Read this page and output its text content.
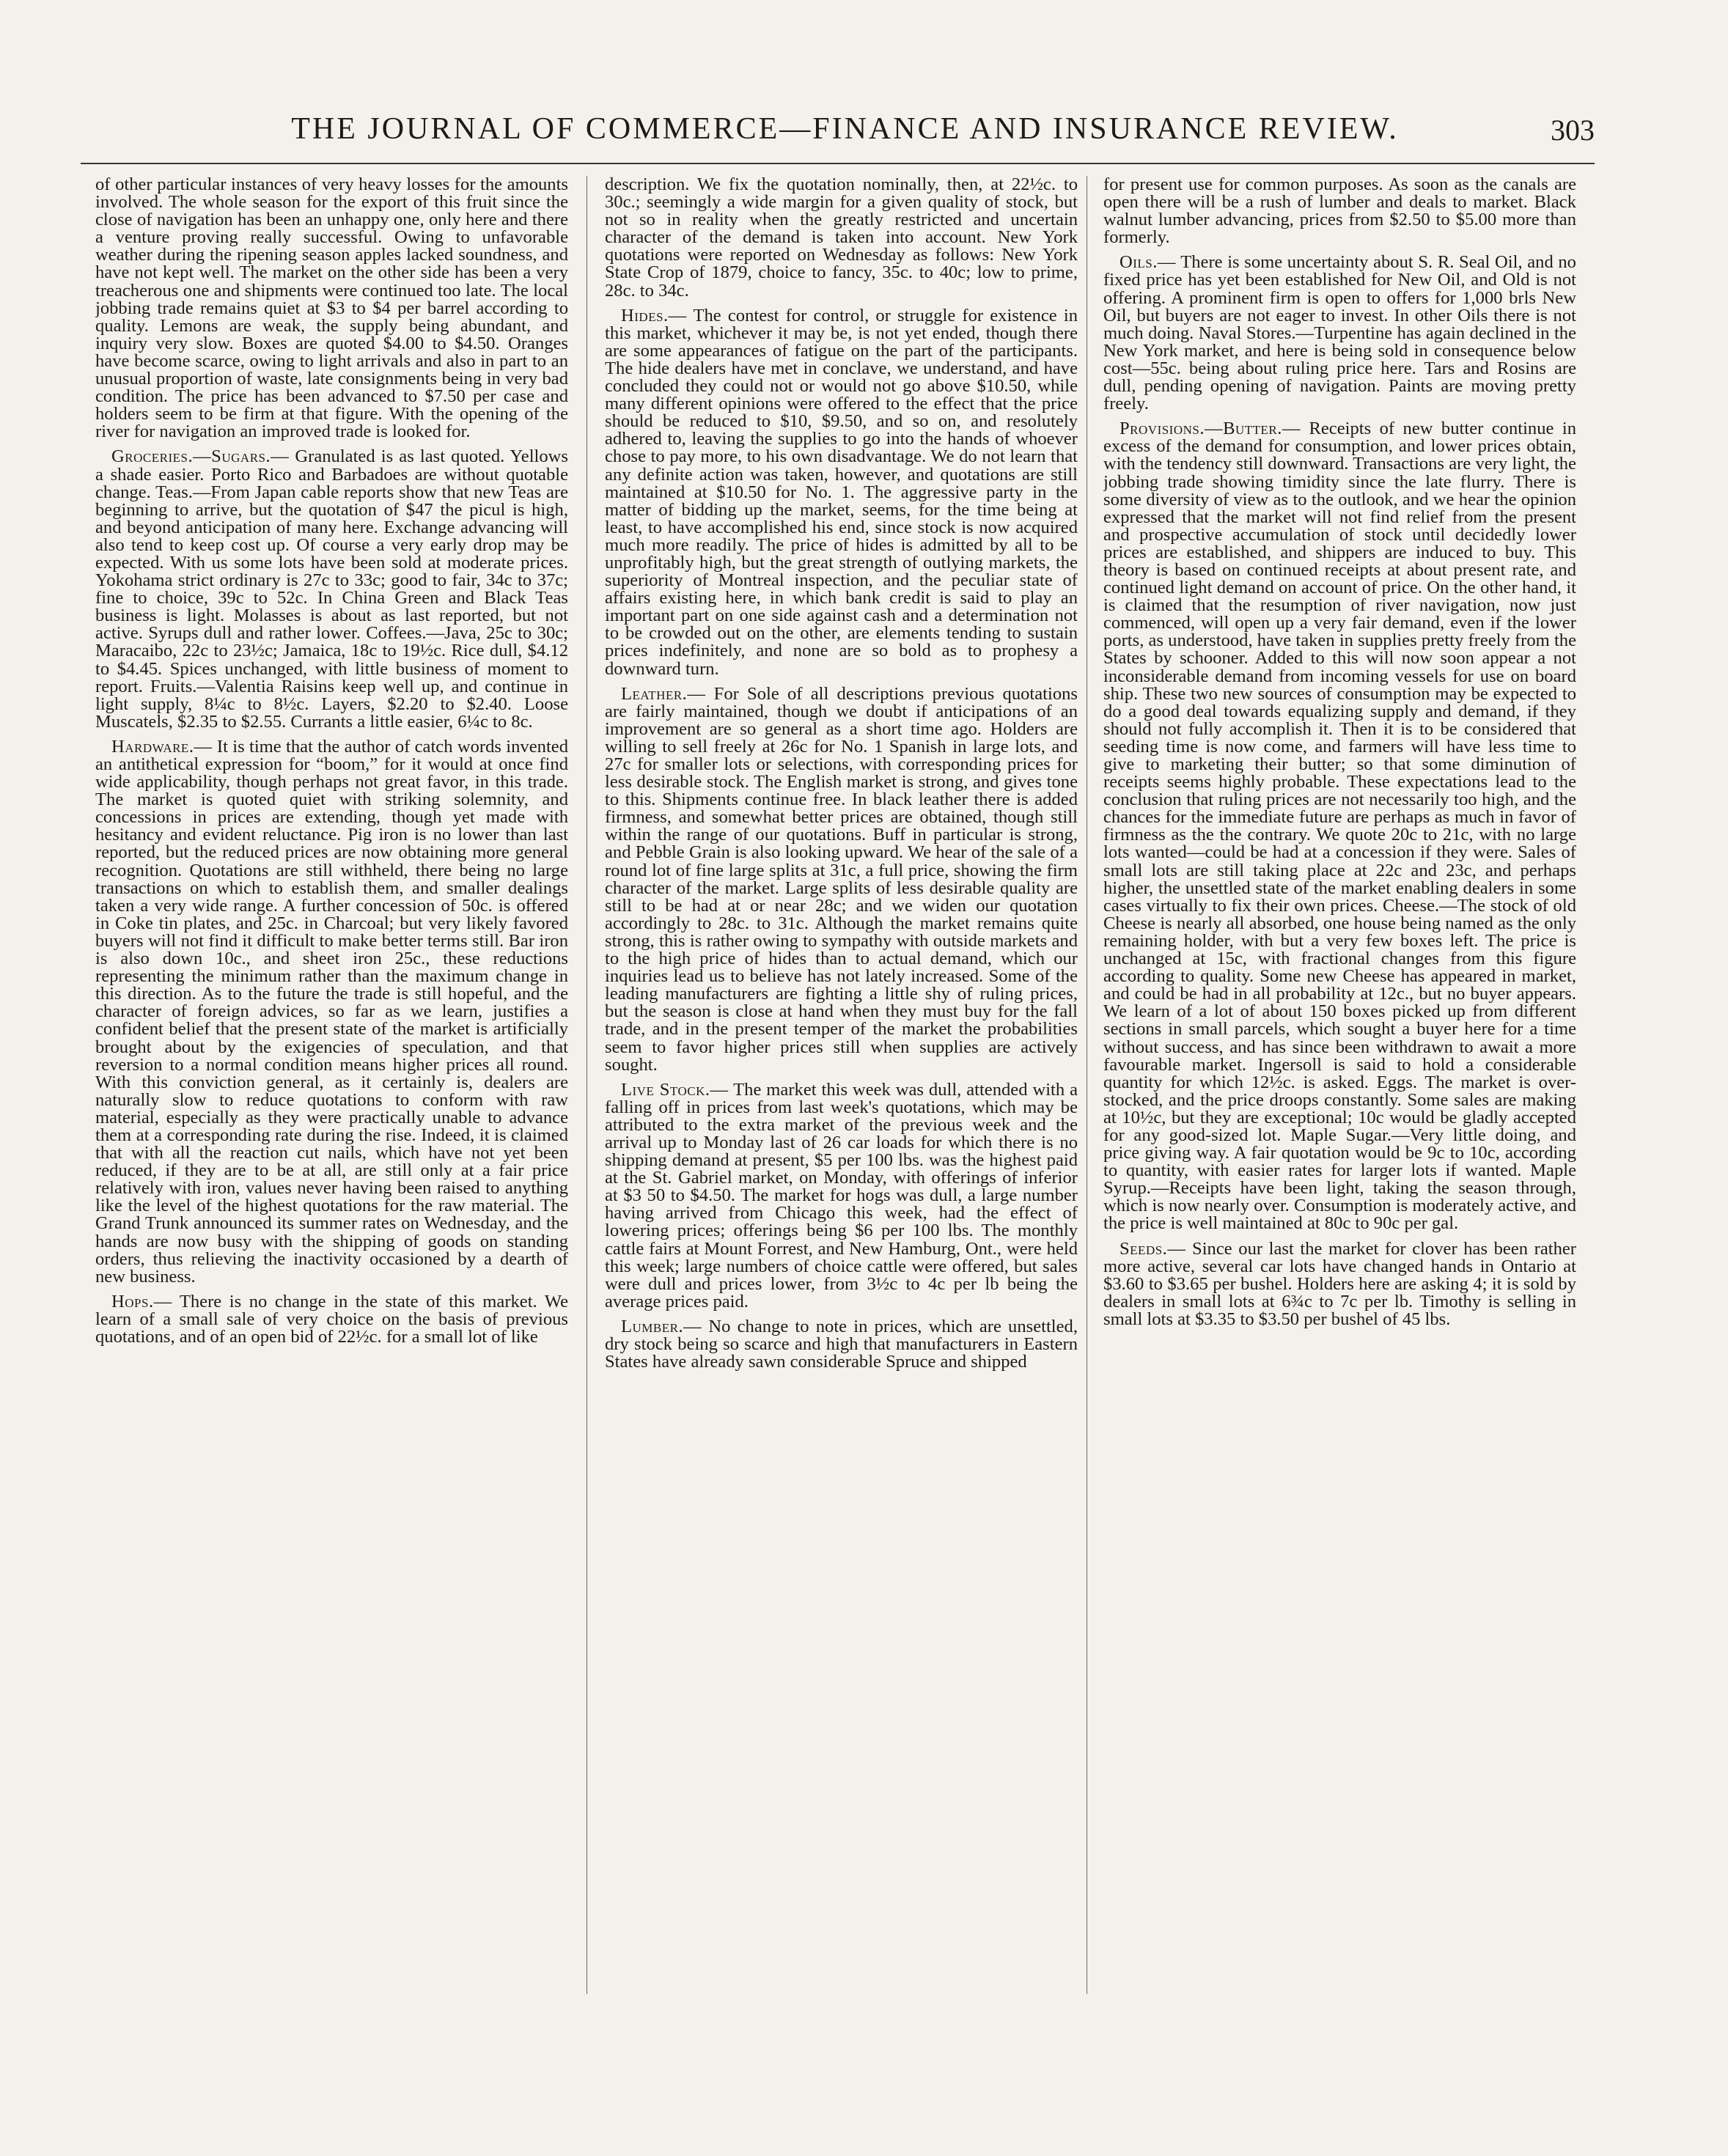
THE JOURNAL OF COMMERCE—FINANCE AND INSURANCE REVIEW.	303

of other particular instances of very heavy losses for the amounts involved. The whole season for the export of this fruit since the close of navigation has been an unhappy one, only here and there a venture proving really successful. Owing to unfavorable weather during the ripening season apples lacked soundness, and have not kept well. The market on the other side has been a very treacherous one and shipments were continued too late. The local jobbing trade remains quiet at $3 to $4 per barrel according to quality. Lemons are weak, the supply being abundant, and inquiry very slow. Boxes are quoted $4.00 to $4.50. Oranges have become scarce, owing to light arrivals and also in part to an unusual proportion of waste, late consignments being in very bad condition. The price has been advanced to $7.50 per case and holders seem to be firm at that figure. With the opening of the river for navigation an improved trade is looked for.

Groceries.—Sugars.— Granulated is as last quoted. Yellows a shade easier. Porto Rico and Barbadoes are without quotable change. Teas.—From Japan cable reports show that new Teas are beginning to arrive, but the quotation of $47 the picul is high, and beyond anticipation of many here. Exchange advancing will also tend to keep cost up. Of course a very early drop may be expected. With us some lots have been sold at moderate prices. Yokohama strict ordinary is 27c to 33c; good to fair, 34c to 37c; fine to choice, 39c to 52c. In China Green and Black Teas business is light. Molasses is about as last reported, but not active. Syrups dull and rather lower. Coffees.—Java, 25c to 30c; Maracaibo, 22c to 23½c; Jamaica, 18c to 19½c. Rice dull, $4.12 to $4.45. Spices unchanged, with little business of moment to report. Fruits.—Valentia Raisins keep well up, and continue in light supply, 8¼c to 8½c. Layers, $2.20 to $2.40. Loose Muscatels, $2.35 to $2.55. Currants a little easier, 6¼c to 8c.

Hardware.— It is time that the author of catch words invented an antithetical expression for “boom,” for it would at once find wide applicability, though perhaps not great favor, in this trade. The market is quoted quiet with striking solemnity, and concessions in prices are extending, though yet made with hesitancy and evident reluctance. Pig iron is no lower than last reported, but the reduced prices are now obtaining more general recognition. Quotations are still withheld, there being no large transactions on which to establish them, and smaller dealings taken a very wide range. A further concession of 50c. is offered in Coke tin plates, and 25c. in Charcoal; but very likely favored buyers will not find it difficult to make better terms still. Bar iron is also down 10c., and sheet iron 25c., these reductions representing the minimum rather than the maximum change in this direction. As to the future the trade is still hopeful, and the character of foreign advices, so far as we learn, justifies a confident belief that the present state of the market is artificially brought about by the exigencies of speculation, and that reversion to a normal condition means higher prices all round. With this conviction general, as it certainly is, dealers are naturally slow to reduce quotations to conform with raw material, especially as they were practically unable to advance them at a corresponding rate during the rise. Indeed, it is claimed that with all the reaction cut nails, which have not yet been reduced, if they are to be at all, are still only at a fair price relatively with iron, values never having been raised to anything like the level of the highest quotations for the raw material. The Grand Trunk announced its summer rates on Wednesday, and the hands are now busy with the shipping of goods on standing orders, thus relieving the inactivity occasioned by a dearth of new business.

Hops.— There is no change in the state of this market. We learn of a small sale of very choice on the basis of previous quotations, and of an open bid of 22½c. for a small lot of like

description. We fix the quotation nominally, then, at 22½c. to 30c.; seemingly a wide margin for a given quality of stock, but not so in reality when the greatly restricted and uncertain character of the demand is taken into account. New York quotations were reported on Wednesday as follows: New York State Crop of 1879, choice to fancy, 35c. to 40c; low to prime, 28c. to 34c.

Hides.— The contest for control, or struggle for existence in this market, whichever it may be, is not yet ended, though there are some appearances of fatigue on the part of the participants. The hide dealers have met in conclave, we understand, and have concluded they could not or would not go above $10.50, while many different opinions were offered to the effect that the price should be reduced to $10, $9.50, and so on, and resolutely adhered to, leaving the supplies to go into the hands of whoever chose to pay more, to his own disadvantage. We do not learn that any definite action was taken, however, and quotations are still maintained at $10.50 for No. 1. The aggressive party in the matter of bidding up the market, seems, for the time being at least, to have accomplished his end, since stock is now acquired much more readily. The price of hides is admitted by all to be unprofitably high, but the great strength of outlying markets, the superiority of Montreal inspection, and the peculiar state of affairs existing here, in which bank credit is said to play an important part on one side against cash and a determination not to be crowded out on the other, are elements tending to sustain prices indefinitely, and none are so bold as to prophesy a downward turn.

Leather.— For Sole of all descriptions previous quotations are fairly maintained, though we doubt if anticipations of an improvement are so general as a short time ago. Holders are willing to sell freely at 26c for No. 1 Spanish in large lots, and 27c for smaller lots or selections, with corresponding prices for less desirable stock. The English market is strong, and gives tone to this. Shipments continue free. In black leather there is added firmness, and somewhat better prices are obtained, though still within the range of our quotations. Buff in particular is strong, and Pebble Grain is also looking upward. We hear of the sale of a round lot of fine large splits at 31c, a full price, showing the firm character of the market. Large splits of less desirable quality are still to be had at or near 28c; and we widen our quotation accordingly to 28c. to 31c. Although the market remains quite strong, this is rather owing to sympathy with outside markets and to the high price of hides than to actual demand, which our inquiries lead us to believe has not lately increased. Some of the leading manufacturers are fighting a little shy of ruling prices, but the season is close at hand when they must buy for the fall trade, and in the present temper of the market the probabilities seem to favor higher prices still when supplies are actively sought.

Live Stock.— The market this week was dull, attended with a falling off in prices from last week's quotations, which may be attributed to the extra market of the previous week and the arrival up to Monday last of 26 car loads for which there is no shipping demand at present, $5 per 100 lbs. was the highest paid at the St. Gabriel market, on Monday, with offerings of inferior at $3 50 to $4.50. The market for hogs was dull, a large number having arrived from Chicago this week, had the effect of lowering prices; offerings being $6 per 100 lbs. The monthly cattle fairs at Mount Forrest, and New Hamburg, Ont., were held this week; large numbers of choice cattle were offered, but sales were dull and prices lower, from 3½c to 4c per lb being the average prices paid.

Lumber.— No change to note in prices, which are unsettled, dry stock being so scarce and high that manufacturers in Eastern States have already sawn considerable Spruce and shipped

for present use for common purposes. As soon as the canals are open there will be a rush of lumber and deals to market. Black walnut lumber advancing, prices from $2.50 to $5.00 more than formerly.

Oils.— There is some uncertainty about S. R. Seal Oil, and no fixed price has yet been established for New Oil, and Old is not offering. A prominent firm is open to offers for 1,000 brls New Oil, but buyers are not eager to invest. In other Oils there is not much doing. Naval Stores.—Turpentine has again declined in the New York market, and here is being sold in consequence below cost—55c. being about ruling price here. Tars and Rosins are dull, pending opening of navigation. Paints are moving pretty freely.

Provisions.—Butter.— Receipts of new butter continue in excess of the demand for consumption, and lower prices obtain, with the tendency still downward. Transactions are very light, the jobbing trade showing timidity since the late flurry. There is some diversity of view as to the outlook, and we hear the opinion expressed that the market will not find relief from the present and prospective accumulation of stock until decidedly lower prices are established, and shippers are induced to buy. This theory is based on continued receipts at about present rate, and continued light demand on account of price. On the other hand, it is claimed that the resumption of river navigation, now just commenced, will open up a very fair demand, even if the lower ports, as understood, have taken in supplies pretty freely from the States by schooner. Added to this will now soon appear a not inconsiderable demand from incoming vessels for use on board ship. These two new sources of consumption may be expected to do a good deal towards equalizing supply and demand, if they should not fully accomplish it. Then it is to be considered that seeding time is now come, and farmers will have less time to give to marketing their butter; so that some diminution of receipts seems highly probable. These expectations lead to the conclusion that ruling prices are not necessarily too high, and the chances for the immediate future are perhaps as much in favor of firmness as the the contrary. We quote 20c to 21c, with no large lots wanted—could be had at a concession if they were. Sales of small lots are still taking place at 22c and 23c, and perhaps higher, the unsettled state of the market enabling dealers in some cases virtually to fix their own prices. Cheese.—The stock of old Cheese is nearly all absorbed, one house being named as the only remaining holder, with but a very few boxes left. The price is unchanged at 15c, with fractional changes from this figure according to quality. Some new Cheese has appeared in market, and could be had in all probability at 12c., but no buyer appears. We learn of a lot of about 150 boxes picked up from different sections in small parcels, which sought a buyer here for a time without success, and has since been withdrawn to await a more favourable market. Ingersoll is said to hold a considerable quantity for which 12½c. is asked. Eggs. The market is over-stocked, and the price droops constantly. Some sales are making at 10½c, but they are exceptional; 10c would be gladly accepted for any good-sized lot. Maple Sugar.—Very little doing, and price giving way. A fair quotation would be 9c to 10c, according to quantity, with easier rates for larger lots if wanted. Maple Syrup.—Receipts have been light, taking the season through, which is now nearly over. Consumption is moderately active, and the price is well maintained at 80c to 90c per gal.

Seeds.— Since our last the market for clover has been rather more active, several car lots have changed hands in Ontario at $3.60 to $3.65 per bushel. Holders here are asking 4; it is sold by dealers in small lots at 6¾c to 7c per lb. Timothy is selling in small lots at $3.35 to $3.50 per bushel of 45 lbs.
